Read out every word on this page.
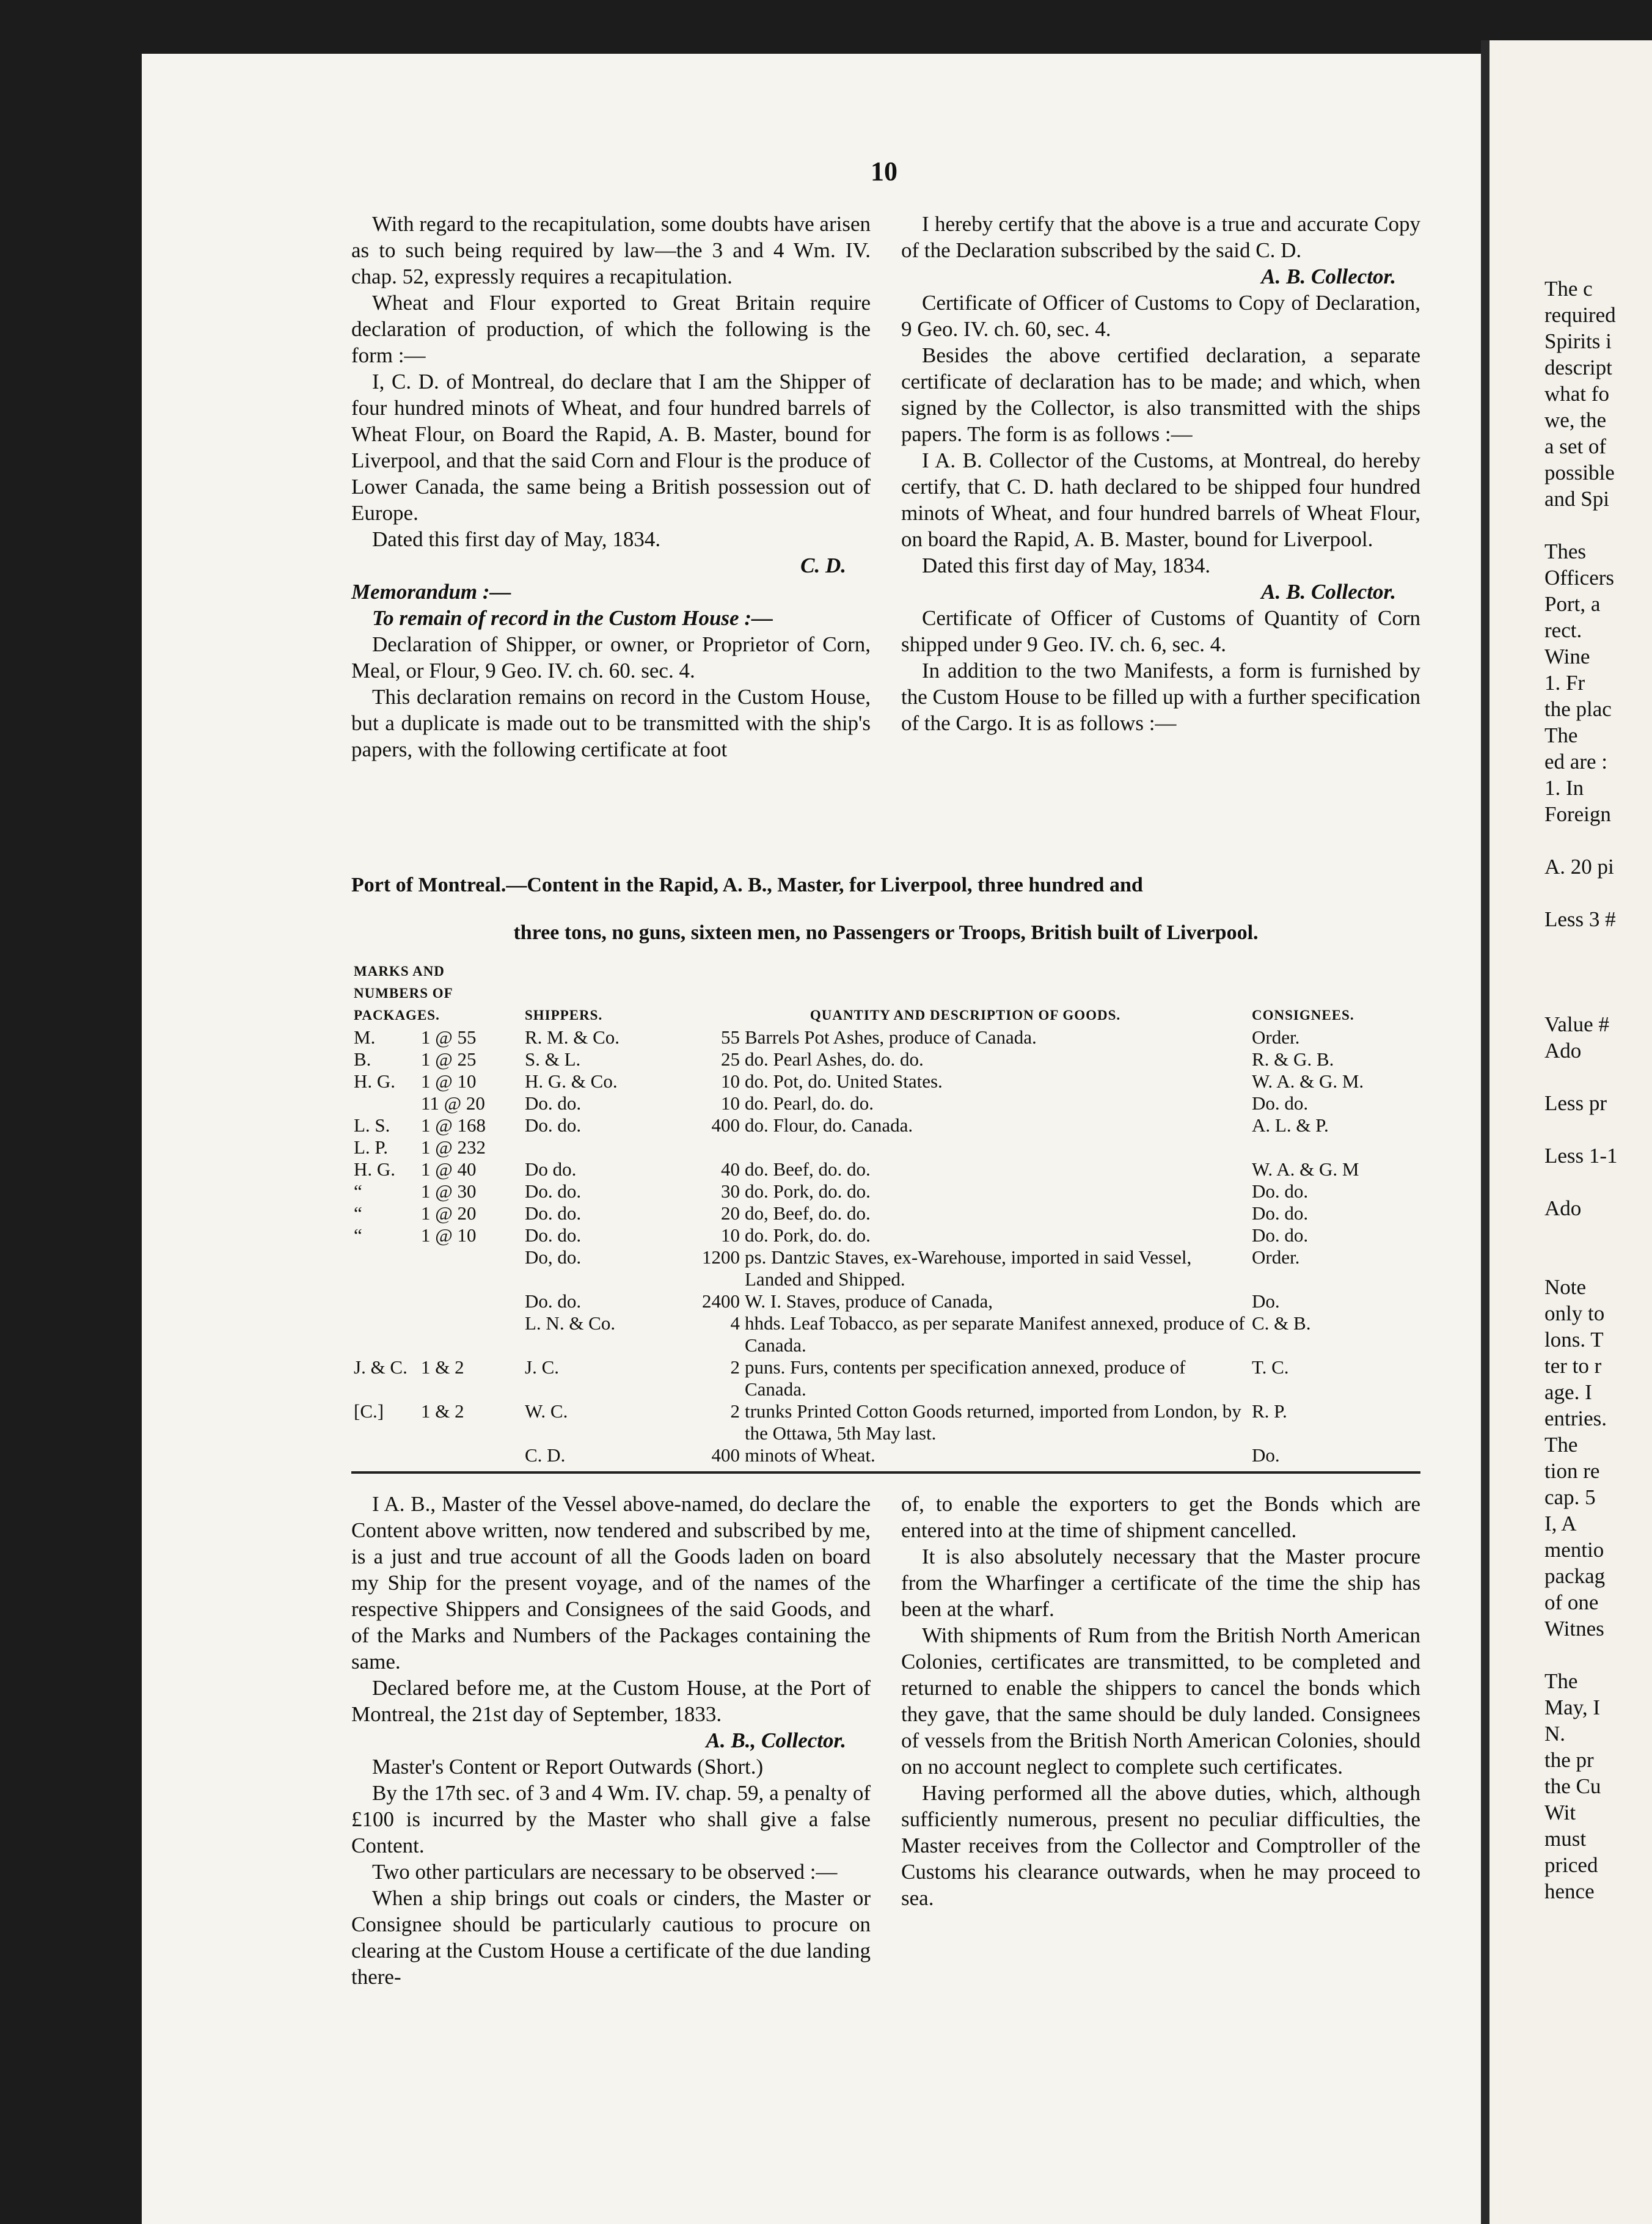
The c
required
Spirits i
descript
what fo
we, the
a set of
possible
and Spi
Thes
Officers
Port, a
rect.
Wine
1. Fr
the plac
The
ed are :
1. In
Foreign
A. 20 pi
Less 3 #
Value #
Ado
Less pr
Less 1-1
Ado
Note
only to
lons. T
ter to r
age. I
entries.
The
tion re
cap. 5
I, A
mentio
packag
of one
Witnes
The
May, I
N.
the pr
the Cu
Wit
must
priced
hence
10

With regard to the recapitulation, some doubts have arisen as to such being required by law—the 3 and 4 Wm. IV. chap. 52, expressly requires a recapitulation.

Wheat and Flour exported to Great Britain require declaration of production, of which the following is the form :—

I, C. D. of Montreal, do declare that I am the Shipper of four hundred minots of Wheat, and four hundred barrels of Wheat Flour, on Board the Rapid, A. B. Master, bound for Liverpool, and that the said Corn and Flour is the produce of Lower Canada, the same being a British possession out of Europe.

Dated this first day of May, 1834.

C. D.

Memorandum :—

To remain of record in the Custom House :—

Declaration of Shipper, or owner, or Proprietor of Corn, Meal, or Flour, 9 Geo. IV. ch. 60. sec. 4.

This declaration remains on record in the Custom House, but a duplicate is made out to be transmitted with the ship's papers, with the following certificate at foot

I hereby certify that the above is a true and accurate Copy of the Declaration subscribed by the said C. D.

A. B. Collector.

Certificate of Officer of Customs to Copy of Declaration, 9 Geo. IV. ch. 60, sec. 4.

Besides the above certified declaration, a separate certificate of declaration has to be made; and which, when signed by the Collector, is also transmitted with the ships papers. The form is as follows :—

I A. B. Collector of the Customs, at Montreal, do hereby certify, that C. D. hath declared to be shipped four hundred minots of Wheat, and four hundred barrels of Wheat Flour, on board the Rapid, A. B. Master, bound for Liverpool.

Dated this first day of May, 1834.

A. B. Collector.

Certificate of Officer of Customs of Quantity of Corn shipped under 9 Geo. IV. ch. 6, sec. 4.

In addition to the two Manifests, a form is furnished by the Custom House to be filled up with a further specification of the Cargo. It is as follows :—

Port of Montreal.—Content in the Rapid, A. B., Master, for Liverpool, three hundred and

three tons, no guns, sixteen men, no Passengers or Troops, British built of Liverpool.

MARKS AND NUMBERS OF PACKAGES.		SHIPPERS.	QUANTITY AND DESCRIPTION OF GOODS.		CONSIGNEES.
M.	1 @ 55	R. M. & Co.	55	Barrels Pot Ashes, produce of Canada.	Order.
B.	1 @ 25	S. & L.	25	do. Pearl Ashes, do. do.	R. & G. B.
H. G.	1 @ 10	H. G. & Co.	10	do. Pot, do. United States.	W. A. & G. M.
	11 @ 20	Do. do.	10	do. Pearl, do. do.	Do. do.
L. S.	1 @ 168	Do. do.	400	do. Flour, do. Canada.	A. L. & P.
L. P.	1 @ 232				
H. G.	1 @ 40	Do do.	40	do. Beef, do. do.	W. A. & G. M
“	1 @ 30	Do. do.	30	do. Pork, do. do.	Do. do.
“	1 @ 20	Do. do.	20	do, Beef, do. do.	Do. do.
“	1 @ 10	Do. do.	10	do. Pork, do. do.	Do. do.
		Do, do.	1200	ps. Dantzic Staves, ex-Warehouse, imported in said Vessel, Landed and Shipped.	Order.
		Do. do.	2400	W. I. Staves, produce of Canada,	Do.
		L. N. & Co.	4	hhds. Leaf Tobacco, as per separate Manifest annexed, produce of Canada.	C. & B.
J. & C.	1 & 2	J. C.	2	puns. Furs, contents per specification annexed, produce of Canada.	T. C.
[C.]	1 & 2	W. C.	2	trunks Printed Cotton Goods returned, imported from London, by the Ottawa, 5th May last.	R. P.
		C. D.	400	minots of Wheat.	Do.

I A. B., Master of the Vessel above-named, do declare the Content above written, now tendered and subscribed by me, is a just and true account of all the Goods laden on board my Ship for the present voyage, and of the names of the respective Shippers and Consignees of the said Goods, and of the Marks and Numbers of the Packages containing the same.

Declared before me, at the Custom House, at the Port of Montreal, the 21st day of September, 1833.

A. B., Collector.

Master's Content or Report Outwards (Short.)

By the 17th sec. of 3 and 4 Wm. IV. chap. 59, a penalty of £100 is incurred by the Master who shall give a false Content.

Two other particulars are necessary to be observed :—

When a ship brings out coals or cinders, the Master or Consignee should be particularly cautious to procure on clearing at the Custom House a certificate of the due landing there-

of, to enable the exporters to get the Bonds which are entered into at the time of shipment cancelled.

It is also absolutely necessary that the Master procure from the Wharfinger a certificate of the time the ship has been at the wharf.

With shipments of Rum from the British North American Colonies, certificates are transmitted, to be completed and returned to enable the shippers to cancel the bonds which they gave, that the same should be duly landed. Consignees of vessels from the British North American Colonies, should on no account neglect to complete such certificates.

Having performed all the above duties, which, although sufficiently numerous, present no peculiar difficulties, the Master receives from the Collector and Comptroller of the Customs his clearance outwards, when he may proceed to sea.
